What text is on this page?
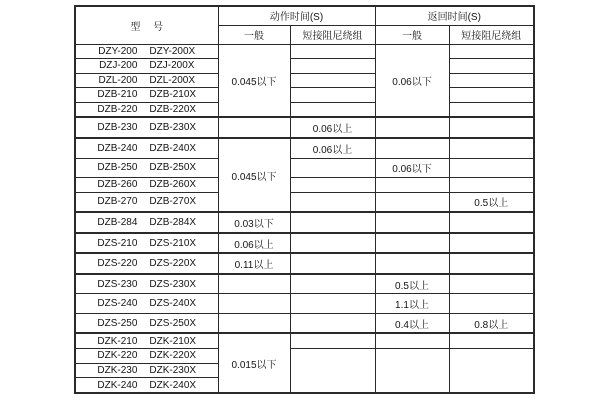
型 号	动作时间(S)		返回时间(S)	
	一般	短接阻尼绕组	一般	短接阻尼绕组
DZY-200 DZY-200X	0.045以下		0.06以下	
DZJ-200 DZJ-200X				
DZL-200 DZL-200X				
DZB-210 DZB-210X				
DZB-220 DZB-220X				
DZB-230 DZB-230X		0.06以上		
DZB-240 DZB-240X	0.045以下	0.06以上		
DZB-250 DZB-250X			0.06以下	
DZB-260 DZB-260X				
DZB-270 DZB-270X				0.5以上
DZB-284 DZB-284X	0.03以下			
DZS-210 DZS-210X	0.06以上			
DZS-220 DZS-220X	0.11以上			
DZS-230 DZS-230X			0.5以上	
DZS-240 DZS-240X			1.1以上	
DZS-250 DZS-250X			0.4以上	0.8以上
DZK-210 DZK-210X	0.015以下			
DZK-220 DZK-220X				
DZK-230 DZK-230X				
DZK-240 DZK-240X				
